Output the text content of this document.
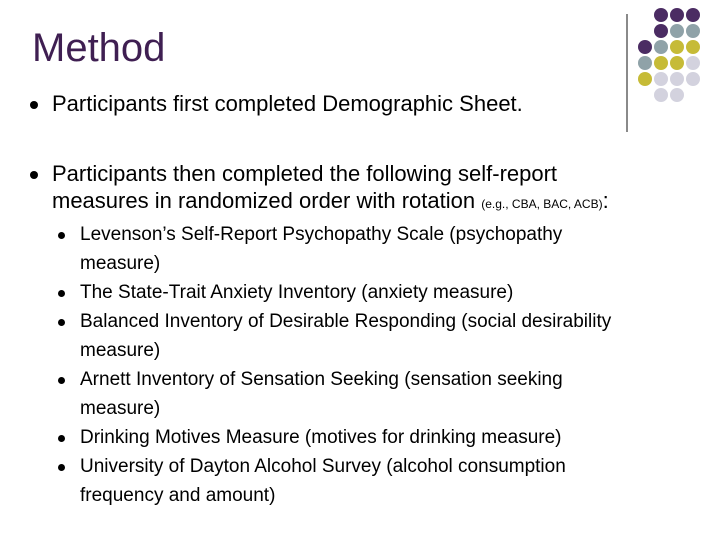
Method
Participants first completed Demographic Sheet.
Participants then completed the following self-report
measures in randomized order with rotation (e.g., CBA, BAC, ACB):
Levenson’s Self-Report Psychopathy Scale (psychopathy
measure)
The State-Trait Anxiety Inventory (anxiety measure)
Balanced Inventory of Desirable Responding (social desirability
measure)
Arnett Inventory of Sensation Seeking (sensation seeking
measure)
Drinking Motives Measure (motives for drinking measure)
University of Dayton Alcohol Survey (alcohol consumption
frequency and amount)
